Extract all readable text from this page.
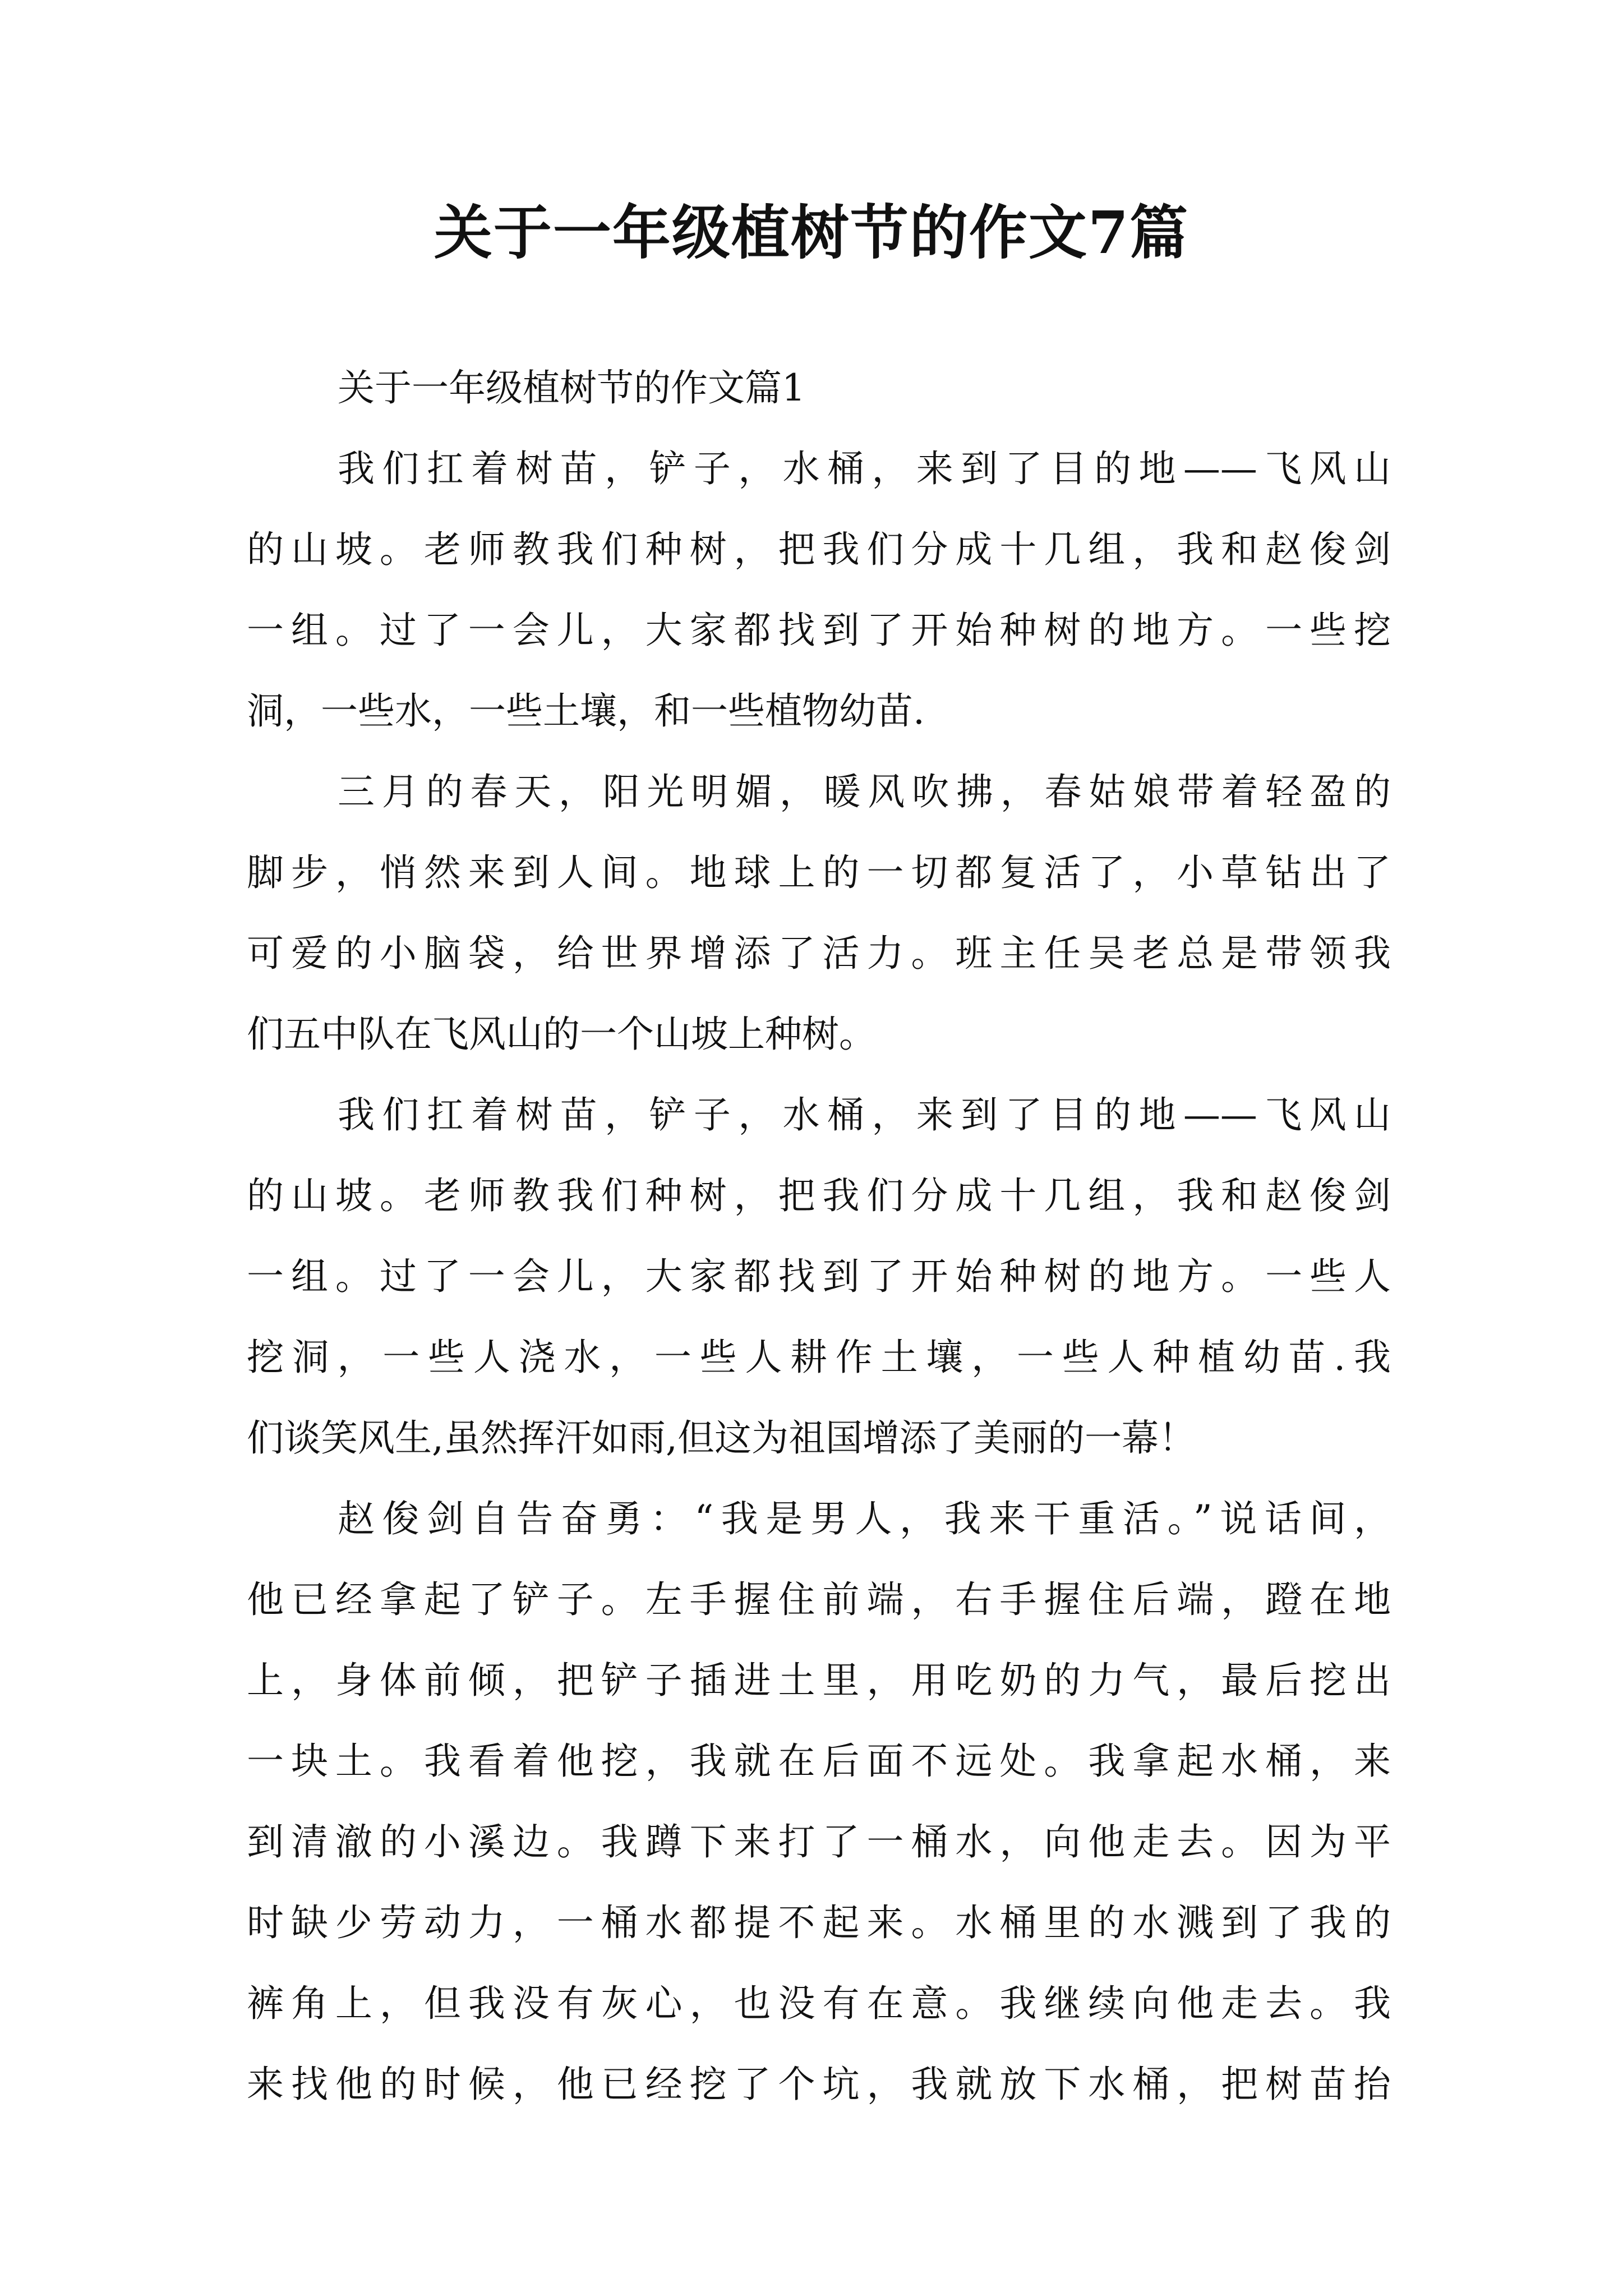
关于一年级植树节的作文7篇

关于一年级植树节的作文篇1

我们扛着树苗，铲子，水桶，来到了目的地——飞风山
的山坡。老师教我们种树，把我们分成十几组，我和赵俊剑
一组。过了一会儿，大家都找到了开始种树的地方。一些挖
洞，一些水，一些土壤，和一些植物幼苗.

三月的春天，阳光明媚，暖风吹拂，春姑娘带着轻盈的
脚步，悄然来到人间。地球上的一切都复活了，小草钻出了
可爱的小脑袋，给世界增添了活力。班主任吴老总是带领我
们五中队在飞风山的一个山坡上种树。

我们扛着树苗，铲子，水桶，来到了目的地——飞风山
的山坡。老师教我们种树，把我们分成十几组，我和赵俊剑
一组。过了一会儿，大家都找到了开始种树的地方。一些人
挖洞，一些人浇水，一些人耕作土壤，一些人种植幼苗.我
们谈笑风生,虽然挥汗如雨,但这为祖国增添了美丽的一幕！

赵俊剑自告奋勇：“我是男人，我来干重活。”说话间，
他已经拿起了铲子。左手握住前端，右手握住后端，蹬在地
上，身体前倾，把铲子插进土里，用吃奶的力气，最后挖出
一块土。我看着他挖，我就在后面不远处。我拿起水桶，来
到清澈的小溪边。我蹲下来打了一桶水，向他走去。因为平
时缺少劳动力，一桶水都提不起来。水桶里的水溅到了我的
裤角上，但我没有灰心，也没有在意。我继续向他走去。我
来找他的时候，他已经挖了个坑，我就放下水桶，把树苗抬
